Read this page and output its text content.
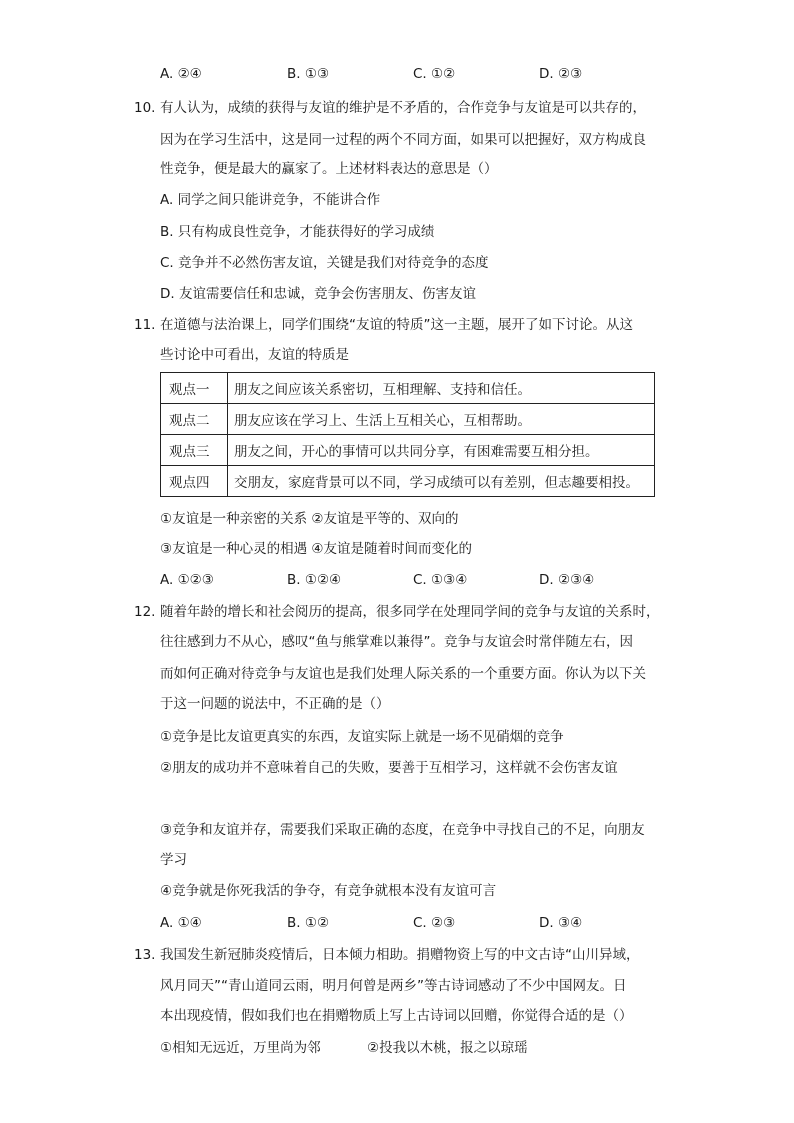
A. ②④	B. ①③	C. ①②	D. ②③
10. 有人认为，成绩的获得与友谊的维护是不矛盾的，合作竞争与友谊是可以共存的，
因为在学习生活中，这是同一过程的两个不同方面，如果可以把握好，双方构成良
性竞争，便是最大的赢家了。上述材料表达的意思是（）
A. 同学之间只能讲竞争，不能讲合作
B. 只有构成良性竞争，才能获得好的学习成绩
C. 竞争并不必然伤害友谊，关键是我们对待竞争的态度
D. 友谊需要信任和忠诚，竞争会伤害朋友、伤害友谊
11. 在道德与法治课上，同学们围绕“友谊的特质”这一主题，展开了如下讨论。从这
些讨论中可看出，友谊的特质是
观点一	朋友之间应该关系密切，互相理解、支持和信任。
观点二	朋友应该在学习上、生活上互相关心，互相帮助。
观点三	朋友之间，开心的事情可以共同分享，有困难需要互相分担。
观点四	交朋友，家庭背景可以不同，学习成绩可以有差别，但志趣要相投。
①友谊是一种亲密的关系 ②友谊是平等的、双向的
③友谊是一种心灵的相遇 ④友谊是随着时间而变化的
A. ①②③	B. ①②④	C. ①③④	D. ②③④
12. 随着年龄的增长和社会阅历的提高，很多同学在处理同学间的竞争与友谊的关系时，
往往感到力不从心，感叹“鱼与熊掌难以兼得”。竞争与友谊会时常伴随左右，因
而如何正确对待竞争与友谊也是我们处理人际关系的一个重要方面。你认为以下关
于这一问题的说法中，不正确的是（）
①竞争是比友谊更真实的东西，友谊实际上就是一场不见硝烟的竞争
②朋友的成功并不意味着自己的失败，要善于互相学习，这样就不会伤害友谊
③竞争和友谊并存，需要我们采取正确的态度，在竞争中寻找自己的不足，向朋友
学习
④竞争就是你死我活的争夺，有竞争就根本没有友谊可言
A. ①④	B. ①②	C. ②③	D. ③④
13. 我国发生新冠肺炎疫情后，日本倾力相助。捐赠物资上写的中文古诗“山川异域，
风月同天”“青山道同云雨，明月何曾是两乡”等古诗词感动了不少中国网友。日
本出现疫情，假如我们也在捐赠物质上写上古诗词以回赠，你觉得合适的是（）
①相知无远近，万里尚为邻	②投我以木桃，报之以琼瑶
